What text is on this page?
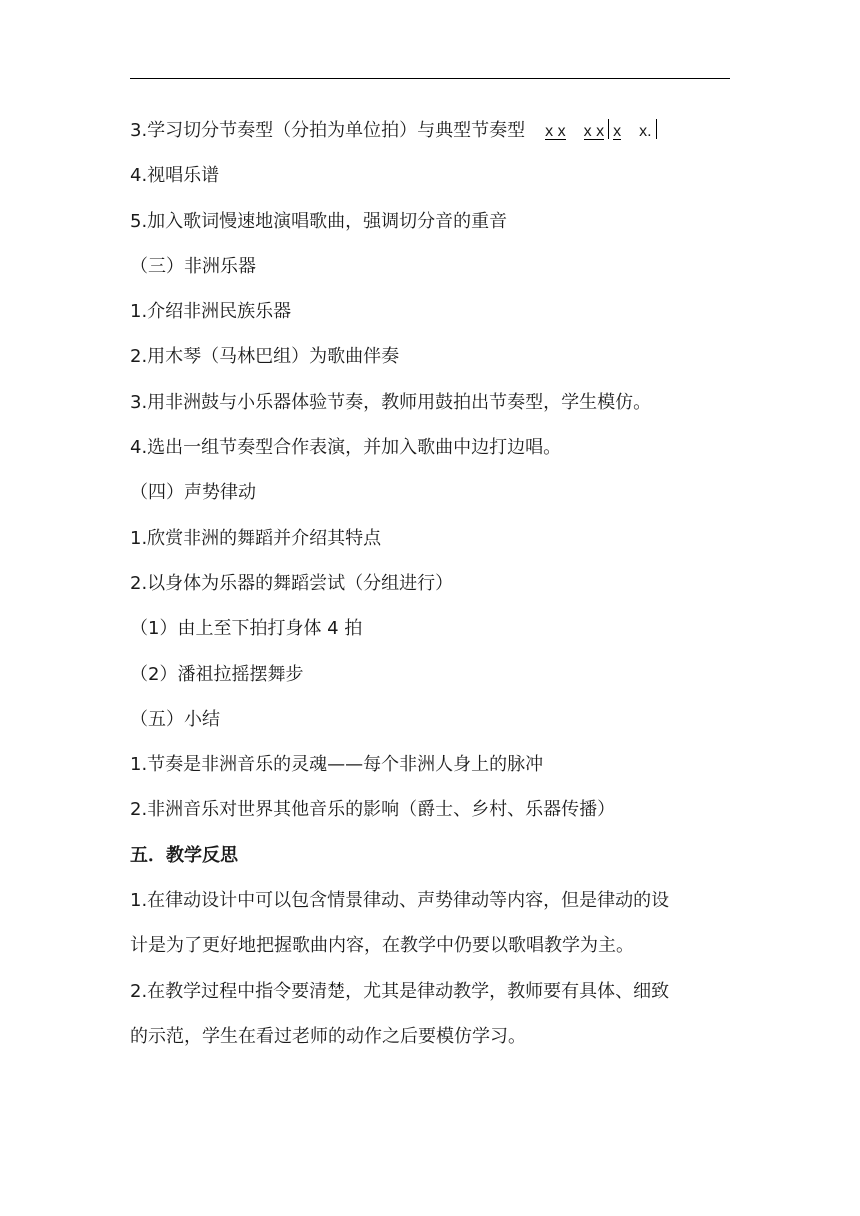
3.学习切分节奏型（分拍为单位拍）与典型节奏型 x x x x x x.
4.视唱乐谱
5.加入歌词慢速地演唱歌曲，强调切分音的重音
（三）非洲乐器
1.介绍非洲民族乐器
2.用木琴（马林巴组）为歌曲伴奏
3.用非洲鼓与小乐器体验节奏，教师用鼓拍出节奏型，学生模仿。
4.选出一组节奏型合作表演，并加入歌曲中边打边唱。
（四）声势律动
1.欣赏非洲的舞蹈并介绍其特点
2.以身体为乐器的舞蹈尝试（分组进行）
（1）由上至下拍打身体 4 拍
（2）潘祖拉摇摆舞步
（五）小结
1.节奏是非洲音乐的灵魂——每个非洲人身上的脉冲
2.非洲音乐对世界其他音乐的影响（爵士、乡村、乐器传播）
五．教学反思
1.在律动设计中可以包含情景律动、声势律动等内容，但是律动的设
计是为了更好地把握歌曲内容，在教学中仍要以歌唱教学为主。
2.在教学过程中指令要清楚，尤其是律动教学，教师要有具体、细致
的示范，学生在看过老师的动作之后要模仿学习。
